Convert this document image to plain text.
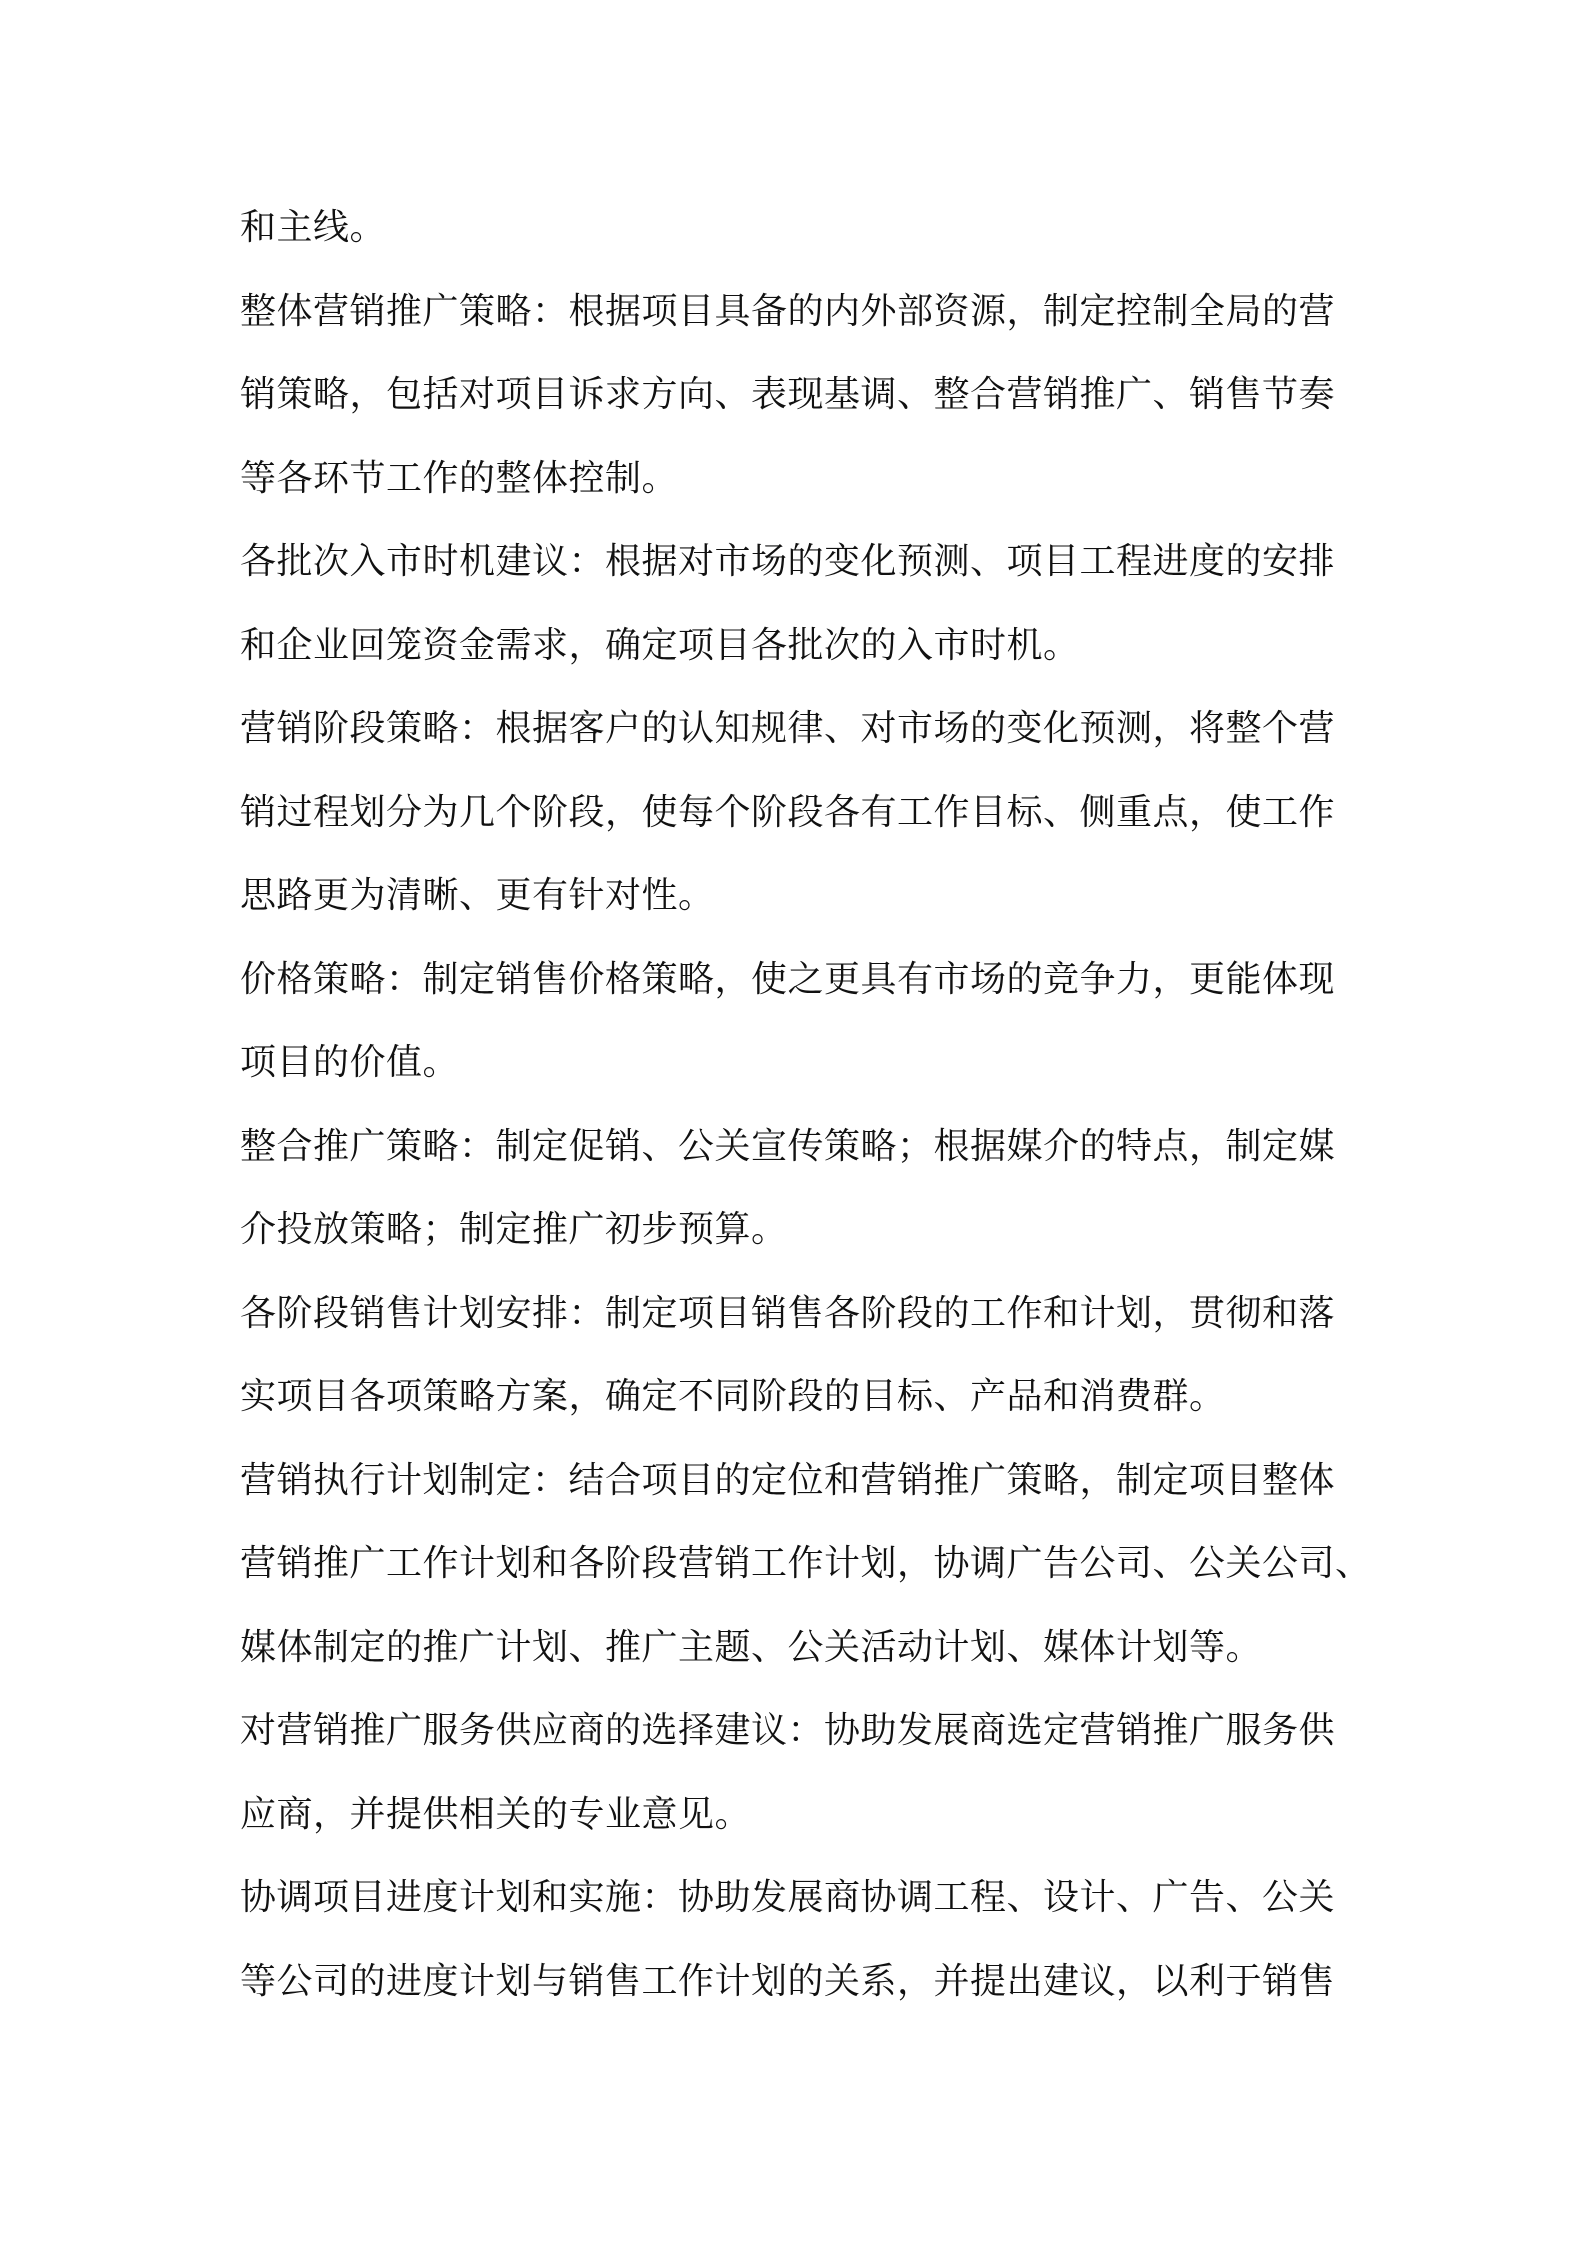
和主线。
整体营销推广策略：根据项目具备的内外部资源，制定控制全局的营
销策略，包括对项目诉求方向、表现基调、整合营销推广、销售节奏
等各环节工作的整体控制。
各批次入市时机建议：根据对市场的变化预测、项目工程进度的安排
和企业回笼资金需求，确定项目各批次的入市时机。
营销阶段策略：根据客户的认知规律、对市场的变化预测，将整个营
销过程划分为几个阶段，使每个阶段各有工作目标、侧重点，使工作
思路更为清晰、更有针对性。
价格策略：制定销售价格策略，使之更具有市场的竞争力，更能体现
项目的价值。
整合推广策略：制定促销、公关宣传策略；根据媒介的特点，制定媒
介投放策略；制定推广初步预算。
各阶段销售计划安排：制定项目销售各阶段的工作和计划，贯彻和落
实项目各项策略方案，确定不同阶段的目标、产品和消费群。
营销执行计划制定：结合项目的定位和营销推广策略，制定项目整体
营销推广工作计划和各阶段营销工作计划，协调广告公司、公关公司、
媒体制定的推广计划、推广主题、公关活动计划、媒体计划等。
对营销推广服务供应商的选择建议：协助发展商选定营销推广服务供
应商，并提供相关的专业意见。
协调项目进度计划和实施：协助发展商协调工程、设计、广告、公关
等公司的进度计划与销售工作计划的关系，并提出建议，以利于销售
